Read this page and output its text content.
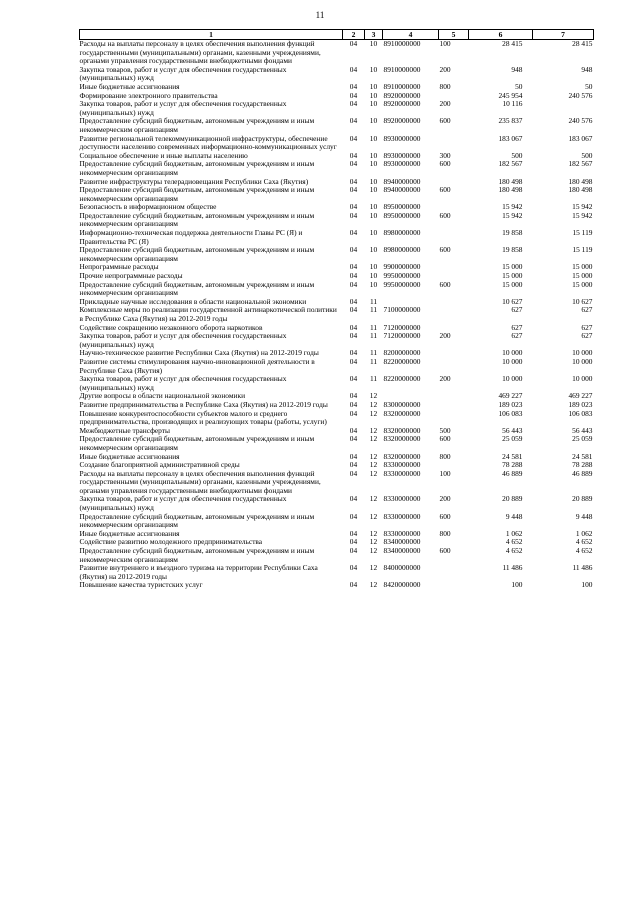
11
1	2	3	4	5	6	7
Расходы на выплаты персоналу в целях обеспечения выполнения функций государственными (муниципальными) органами, казенными учреждениями, органами управления государственными внебюджетными фондами	04	10	8910000000	100	28 415	28 415
Закупка товаров, работ и услуг для обеспечения государственных (муниципальных) нужд	04	10	8910000000	200	948	948
Иные бюджетные ассигнования	04	10	8910000000	800	50	50
Формирование электронного правительства	04	10	8920000000		245 954	240 576
Закупка товаров, работ и услуг для обеспечения государственных (муниципальных) нужд	04	10	8920000000	200	10 116	
Предоставление субсидий бюджетным, автономным учреждениям и иным некоммерческим организациям	04	10	8920000000	600	235 837	240 576
Развитие региональной телекоммуникационной инфраструктуры, обеспечение доступности населению современных информационно-коммуникационных услуг	04	10	8930000000		183 067	183 067
Социальное обеспечение и иные выплаты населению	04	10	8930000000	300	500	500
Предоставление субсидий бюджетным, автономным учреждениям и иным некоммерческим организациям	04	10	8930000000	600	182 567	182 567
Развитие инфраструктуры телерадиовещания Республики Саха (Якутия)	04	10	8940000000		180 498	180 498
Предоставление субсидий бюджетным, автономным учреждениям и иным некоммерческим организациям	04	10	8940000000	600	180 498	180 498
Безопасность в информационном обществе	04	10	8950000000		15 942	15 942
Предоставление субсидий бюджетным, автономным учреждениям и иным некоммерческим организациям	04	10	8950000000	600	15 942	15 942
Информационно-техническая поддержка деятельности Главы РС (Я) и Правительства РС (Я)	04	10	8980000000		19 858	15 119
Предоставление субсидий бюджетным, автономным учреждениям и иным некоммерческим организациям	04	10	8980000000	600	19 858	15 119
Непрограммные расходы	04	10	9900000000		15 000	15 000
Прочие непрограммные расходы	04	10	9950000000		15 000	15 000
Предоставление субсидий бюджетным, автономным учреждениям и иным некоммерческим организациям	04	10	9950000000	600	15 000	15 000
Прикладные научные исследования в области национальной экономики	04	11			10 627	10 627
Комплексные меры по реализации государственной антинаркотической политики в Республике Саха (Якутия) на 2012-2019 годы	04	11	7100000000		627	627
Содействие сокращению незаконного оборота наркотиков	04	11	7120000000		627	627
Закупка товаров, работ и услуг для обеспечения государственных (муниципальных) нужд	04	11	7120000000	200	627	627
Научно-техническое развитие Республики Саха (Якутия) на 2012-2019 годы	04	11	8200000000		10 000	10 000
Развитие системы стимулирования научно-инновационной деятельности в Республике Саха (Якутия)	04	11	8220000000		10 000	10 000
Закупка товаров, работ и услуг для обеспечения государственных (муниципальных) нужд	04	11	8220000000	200	10 000	10 000
Другие вопросы в области национальной экономики	04	12			469 227	469 227
Развитие предпринимательства в Республике Саха (Якутия) на 2012-2019 годы	04	12	8300000000		189 023	189 023
Повышение конкурентоспособности субъектов малого и среднего предпринимательства, производящих и реализующих товары (работы, услуги)	04	12	8320000000		106 083	106 083
Межбюджетные трансферты	04	12	8320000000	500	56 443	56 443
Предоставление субсидий бюджетным, автономным учреждениям и иным некоммерческим организациям	04	12	8320000000	600	25 059	25 059
Иные бюджетные ассигнования	04	12	8320000000	800	24 581	24 581
Создание благоприятной административной среды	04	12	8330000000		78 288	78 288
Расходы на выплаты персоналу в целях обеспечения выполнения функций государственными (муниципальными) органами, казенными учреждениями, органами управления государственными внебюджетными фондами	04	12	8330000000	100	46 889	46 889
Закупка товаров, работ и услуг для обеспечения государственных (муниципальных) нужд	04	12	8330000000	200	20 889	20 889
Предоставление субсидий бюджетным, автономным учреждениям и иным некоммерческим организациям	04	12	8330000000	600	9 448	9 448
Иные бюджетные ассигнования	04	12	8330000000	800	1 062	1 062
Содействие развитию молодежного предпринимательства	04	12	8340000000		4 652	4 652
Предоставление субсидий бюджетным, автономным учреждениям и иным некоммерческим организациям	04	12	8340000000	600	4 652	4 652
Развитие внутреннего и въездного туризма на территории Республики Саха (Якутия) на 2012-2019 годы	04	12	8400000000		11 486	11 486
Повышение качества туристских услуг	04	12	8420000000		100	100
